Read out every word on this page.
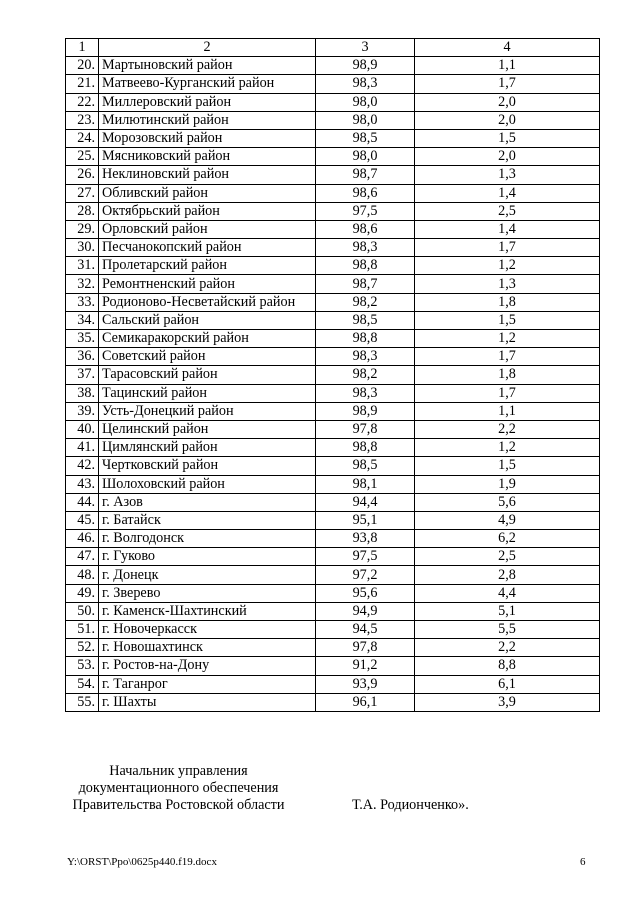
1	2	3	4
20.	Мартыновский район	98,9	1,1
21.	Матвеево-Курганский район	98,3	1,7
22.	Миллеровский район	98,0	2,0
23.	Милютинский район	98,0	2,0
24.	Морозовский район	98,5	1,5
25.	Мясниковский район	98,0	2,0
26.	Неклиновский район	98,7	1,3
27.	Обливский район	98,6	1,4
28.	Октябрьский район	97,5	2,5
29.	Орловский район	98,6	1,4
30.	Песчанокопский район	98,3	1,7
31.	Пролетарский район	98,8	1,2
32.	Ремонтненский район	98,7	1,3
33.	Родионово-Несветайский район	98,2	1,8
34.	Сальский район	98,5	1,5
35.	Семикаракорский район	98,8	1,2
36.	Советский район	98,3	1,7
37.	Тарасовский район	98,2	1,8
38.	Тацинский район	98,3	1,7
39.	Усть-Донецкий район	98,9	1,1
40.	Целинский район	97,8	2,2
41.	Цимлянский район	98,8	1,2
42.	Чертковский район	98,5	1,5
43.	Шолоховский район	98,1	1,9
44.	г. Азов	94,4	5,6
45.	г. Батайск	95,1	4,9
46.	г. Волгодонск	93,8	6,2
47.	г. Гуково	97,5	2,5
48.	г. Донецк	97,2	2,8
49.	г. Зверево	95,6	4,4
50.	г. Каменск-Шахтинский	94,9	5,1
51.	г. Новочеркасск	94,5	5,5
52.	г. Новошахтинск	97,8	2,2
53.	г. Ростов-на-Дону	91,2	8,8
54.	г. Таганрог	93,9	6,1
55.	г. Шахты	96,1	3,9
Начальник управления
документационного обеспечения
Правительства Ростовской области	Т.А. Родионченко».
Y:\ORST\Ppo\0625p440.f19.docx	6
